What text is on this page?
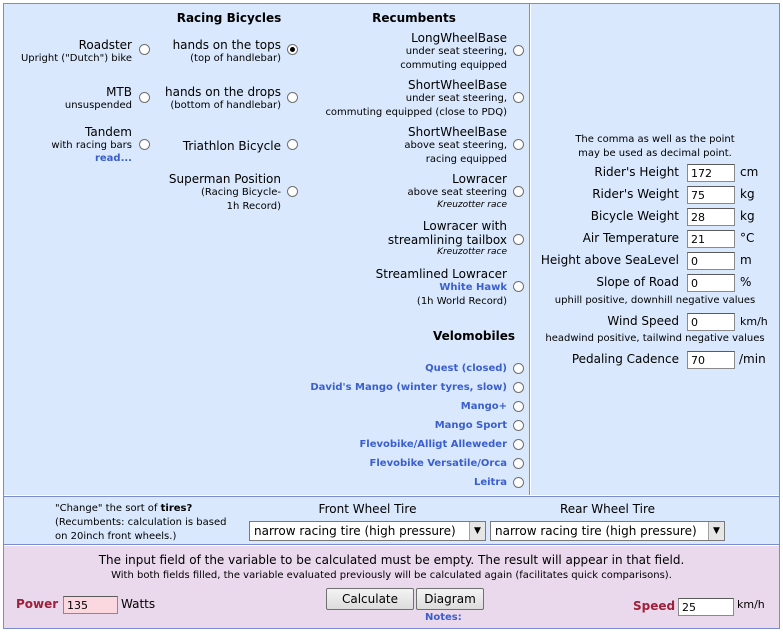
Racing Bicycles	Recumbents
Roadster
Upright ("Dutch") bike
MTB
unsuspended
Tandem
with racing bars
read...
hands on the tops
(top of handlebar)
hands on the drops
(bottom of handlebar)
Triathlon Bicycle
Superman Position
(Racing Bicycle-
1h Record)
LongWheelBase
under seat steering,
commuting equipped
ShortWheelBase
under seat steering,
commuting equipped (close to PDQ)
ShortWheelBase
above seat steering,
racing equipped
Lowracer
above seat steering
Kreuzotter race
Lowracer with
streamlining tailbox
Kreuzotter race
Streamlined Lowracer
White Hawk
(1h World Record)
Velomobiles
Quest (closed)
David's Mango (winter tyres, slow)
Mango+
Mango Sport
Flevobike/Alligt Alleweder
Flevobike Versatile/Orca
Leitra
The comma as well as the point
may be used as decimal point.
Rider's Height
172	cm
Rider's Weight
75	kg
Bicycle Weight
28	kg
Air Temperature
21	°C
Height above SeaLevel
0	m
Slope of Road
0	%
uphill positive, downhill negative values
Wind Speed
0	km/h
headwind positive, tailwind negative values
Pedaling Cadence
70	/min
"Change" the sort of tires?
(Recumbents: calculation is based
on 20inch front wheels.)
Front Wheel Tire
narrow racing tire (high pressure)	▼
Rear Wheel Tire
narrow racing tire (high pressure)	▼
The input field of the variable to be calculated must be empty. The result will appear in that field.
With both fields filled, the variable evaluated previously will be calculated again (facilitates quick comparisons).
Power
135	Watts	Calculate	Diagram
Notes:
Speed
25	km/h
